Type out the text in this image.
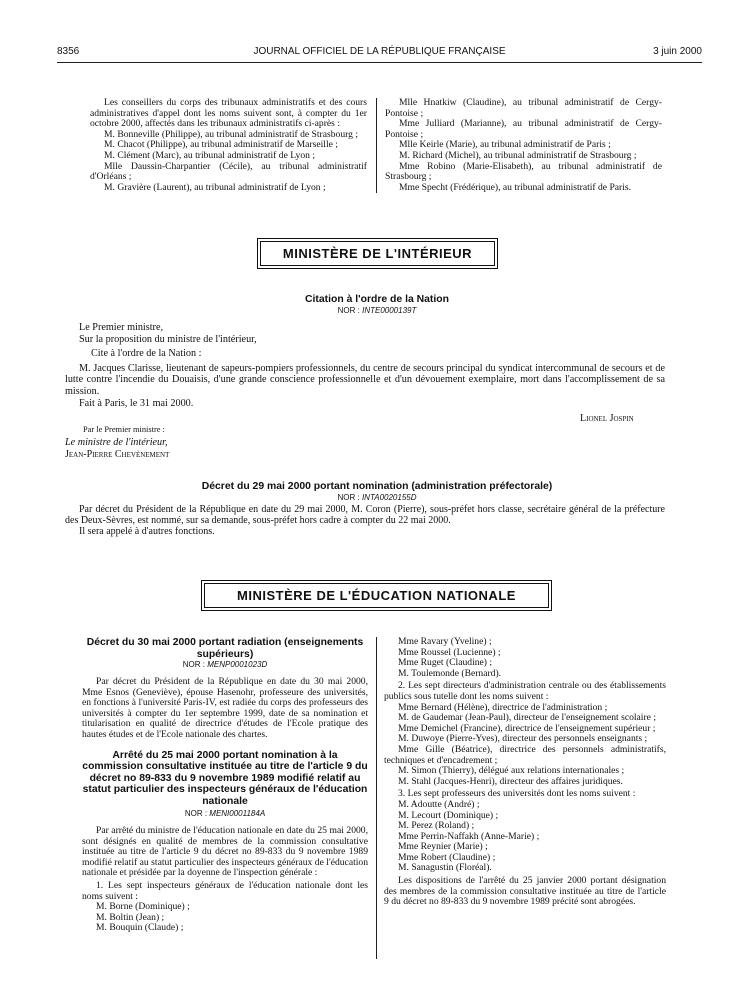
8356	JOURNAL OFFICIEL DE LA RÉPUBLIQUE FRANÇAISE	3 juin 2000

Les conseillers du corps des tribunaux administratifs et des cours administratives d'appel dont les noms suivent sont, à compter du 1er octobre 2000, affectés dans les tribunaux administratifs ci-après :

M. Bonneville (Philippe), au tribunal administratif de Strasbourg ;

M. Chacot (Philippe), au tribunal administratif de Marseille ;

M. Clément (Marc), au tribunal administratif de Lyon ;

Mlle Daussin-Charpantier (Cécile), au tribunal administratif d'Orléans ;

M. Gravière (Laurent), au tribunal administratif de Lyon ;

Mlle Hnatkiw (Claudine), au tribunal administratif de Cergy-Pontoise ;

Mme Julliard (Marianne), au tribunal administratif de Cergy-Pontoise ;

Mlle Keirle (Marie), au tribunal administratif de Paris ;

M. Richard (Michel), au tribunal administratif de Strasbourg ;

Mme Robino (Marie-Elisabeth), au tribunal administratif de Strasbourg ;

Mme Specht (Frédérique), au tribunal administratif de Paris.

MINISTÈRE DE L'INTÉRIEUR

Citation à l'ordre de la Nation

NOR : INTE0000139T

Le Premier ministre,

Sur la proposition du ministre de l'intérieur,

Cite à l'ordre de la Nation :

M. Jacques Clarisse, lieutenant de sapeurs-pompiers professionnels, du centre de secours principal du syndicat intercommunal de secours et de lutte contre l'incendie du Douaisis, d'une grande conscience professionnelle et d'un dévouement exemplaire, mort dans l'accomplissement de sa mission.

Fait à Paris, le 31 mai 2000.

Lionel Jospin
Par le Premier ministre :
Le ministre de l'intérieur,
Jean-Pierre Chevènement

Décret du 29 mai 2000 portant nomination (administration préfectorale)

NOR : INTA0020155D

Par décret du Président de la République en date du 29 mai 2000, M. Coron (Pierre), sous-préfet hors classe, secrétaire général de la préfecture des Deux-Sèvres, est nommé, sur sa demande, sous-préfet hors cadre à compter du 22 mai 2000.

Il sera appelé à d'autres fonctions.

MINISTÈRE DE L'ÉDUCATION NATIONALE

Décret du 30 mai 2000 portant radiation (enseignements supérieurs)

NOR : MENP0001023D

Par décret du Président de la République en date du 30 mai 2000, Mme Esnos (Geneviève), épouse Hasenohr, professeure des universités, en fonctions à l'université Paris-IV, est radiée du corps des professeurs des universités à compter du 1er septembre 1999, date de sa nomination et titularisation en qualité de directrice d'études de l'Ecole pratique des hautes études et de l'Ecole nationale des chartes.

Arrêté du 25 mai 2000 portant nomination à la commission consultative instituée au titre de l'article 9 du décret no 89-833 du 9 novembre 1989 modifié relatif au statut particulier des inspecteurs généraux de l'éducation nationale

NOR : MENI0001184A

Par arrêté du ministre de l'éducation nationale en date du 25 mai 2000, sont désignés en qualité de membres de la commission consultative instituée au titre de l'article 9 du décret no 89-833 du 9 novembre 1989 modifié relatif au statut particulier des inspecteurs généraux de l'éducation nationale et présidée par la doyenne de l'inspection générale :

1. Les sept inspecteurs généraux de l'éducation nationale dont les noms suivent :

M. Borne (Dominique) ;

M. Boltin (Jean) ;

M. Bouquin (Claude) ;

Mme Ravary (Yveline) ;

Mme Roussel (Lucienne) ;

Mme Ruget (Claudine) ;

M. Toulemonde (Bernard).

2. Les sept directeurs d'administration centrale ou des établissements publics sous tutelle dont les noms suivent :

Mme Bernard (Hélène), directrice de l'administration ;

M. de Gaudemar (Jean-Paul), directeur de l'enseignement scolaire ;

Mme Demichel (Francine), directrice de l'enseignement supérieur ;

M. Duwoye (Pierre-Yves), directeur des personnels enseignants ;

Mme Gille (Béatrice), directrice des personnels administratifs, techniques et d'encadrement ;

M. Simon (Thierry), délégué aux relations internationales ;

M. Stahl (Jacques-Henri), directeur des affaires juridiques.

3. Les sept professeurs des universités dont les noms suivent :

M. Adoutte (André) ;

M. Lecourt (Dominique) ;

M. Perez (Roland) ;

Mme Perrin-Naffakh (Anne-Marie) ;

Mme Reynier (Marie) ;

Mme Robert (Claudine) ;

M. Sanagustin (Floréal).

Les dispositions de l'arrêté du 25 janvier 2000 portant désignation des membres de la commission consultative instituée au titre de l'article 9 du décret no 89-833 du 9 novembre 1989 précité sont abrogées.
